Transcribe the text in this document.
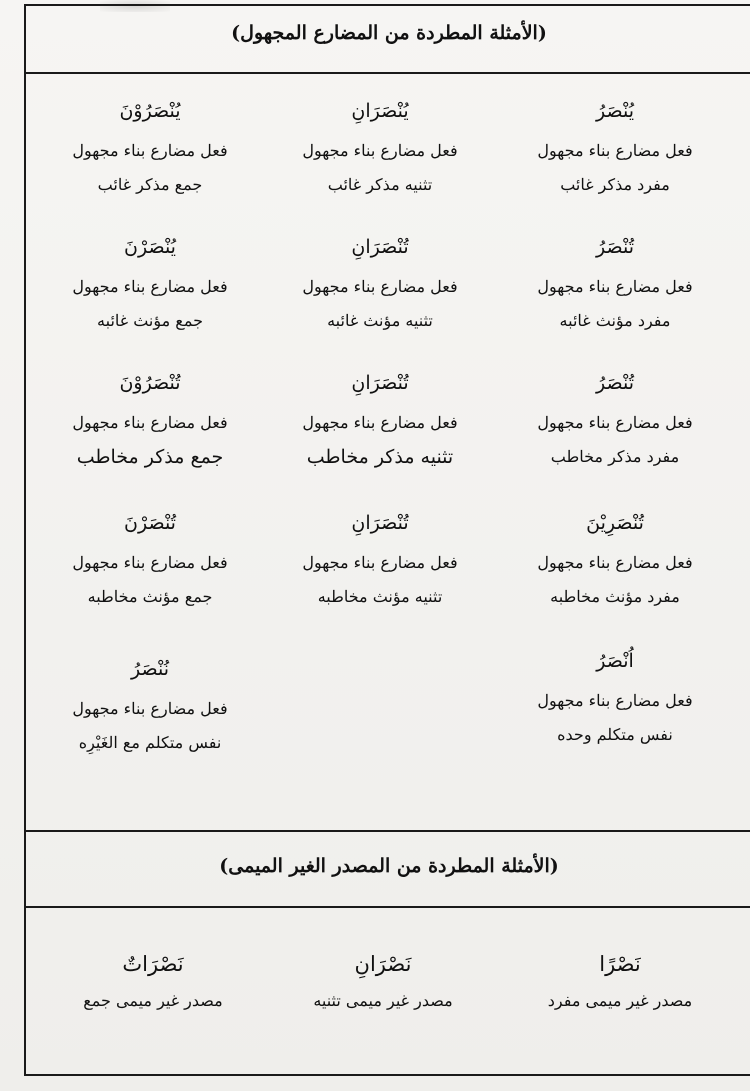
(الأمثلة المطردة من المضارع المجهول)
يُنْصَرُ
فعل مضارع بناء مجهول
مفرد مذكر غائب
يُنْصَرَانِ
فعل مضارع بناء مجهول
تثنيه مذكر غائب
يُنْصَرُوْنَ
فعل مضارع بناء مجهول
جمع مذكر غائب
تُنْصَرُ
فعل مضارع بناء مجهول
مفرد مؤنث غائبه
تُنْصَرَانِ
فعل مضارع بناء مجهول
تثنيه مؤنث غائبه
يُنْصَرْنَ
فعل مضارع بناء مجهول
جمع مؤنث غائبه
تُنْصَرُ
فعل مضارع بناء مجهول
مفرد مذكر مخاطب
تُنْصَرَانِ
فعل مضارع بناء مجهول
تثنيه مذكر مخاطب
تُنْصَرُوْنَ
فعل مضارع بناء مجهول
جمع مذكر مخاطب
تُنْصَرِيْنَ
فعل مضارع بناء مجهول
مفرد مؤنث مخاطبه
تُنْصَرَانِ
فعل مضارع بناء مجهول
تثنيه مؤنث مخاطبه
تُنْصَرْنَ
فعل مضارع بناء مجهول
جمع مؤنث مخاطبه
اُنْصَرُ
فعل مضارع بناء مجهول
نفس متكلم وحده
نُنْصَرُ
فعل مضارع بناء مجهول
نفس متكلم مع الغَيْرِه
(الأمثلة المطردة من المصدر الغير الميمى)
نَصْرًا
مصدر غير ميمى مفرد
نَصْرَانِ
مصدر غير ميمى تثنيه
نَصْرَاتٌ
مصدر غير ميمى جمع
